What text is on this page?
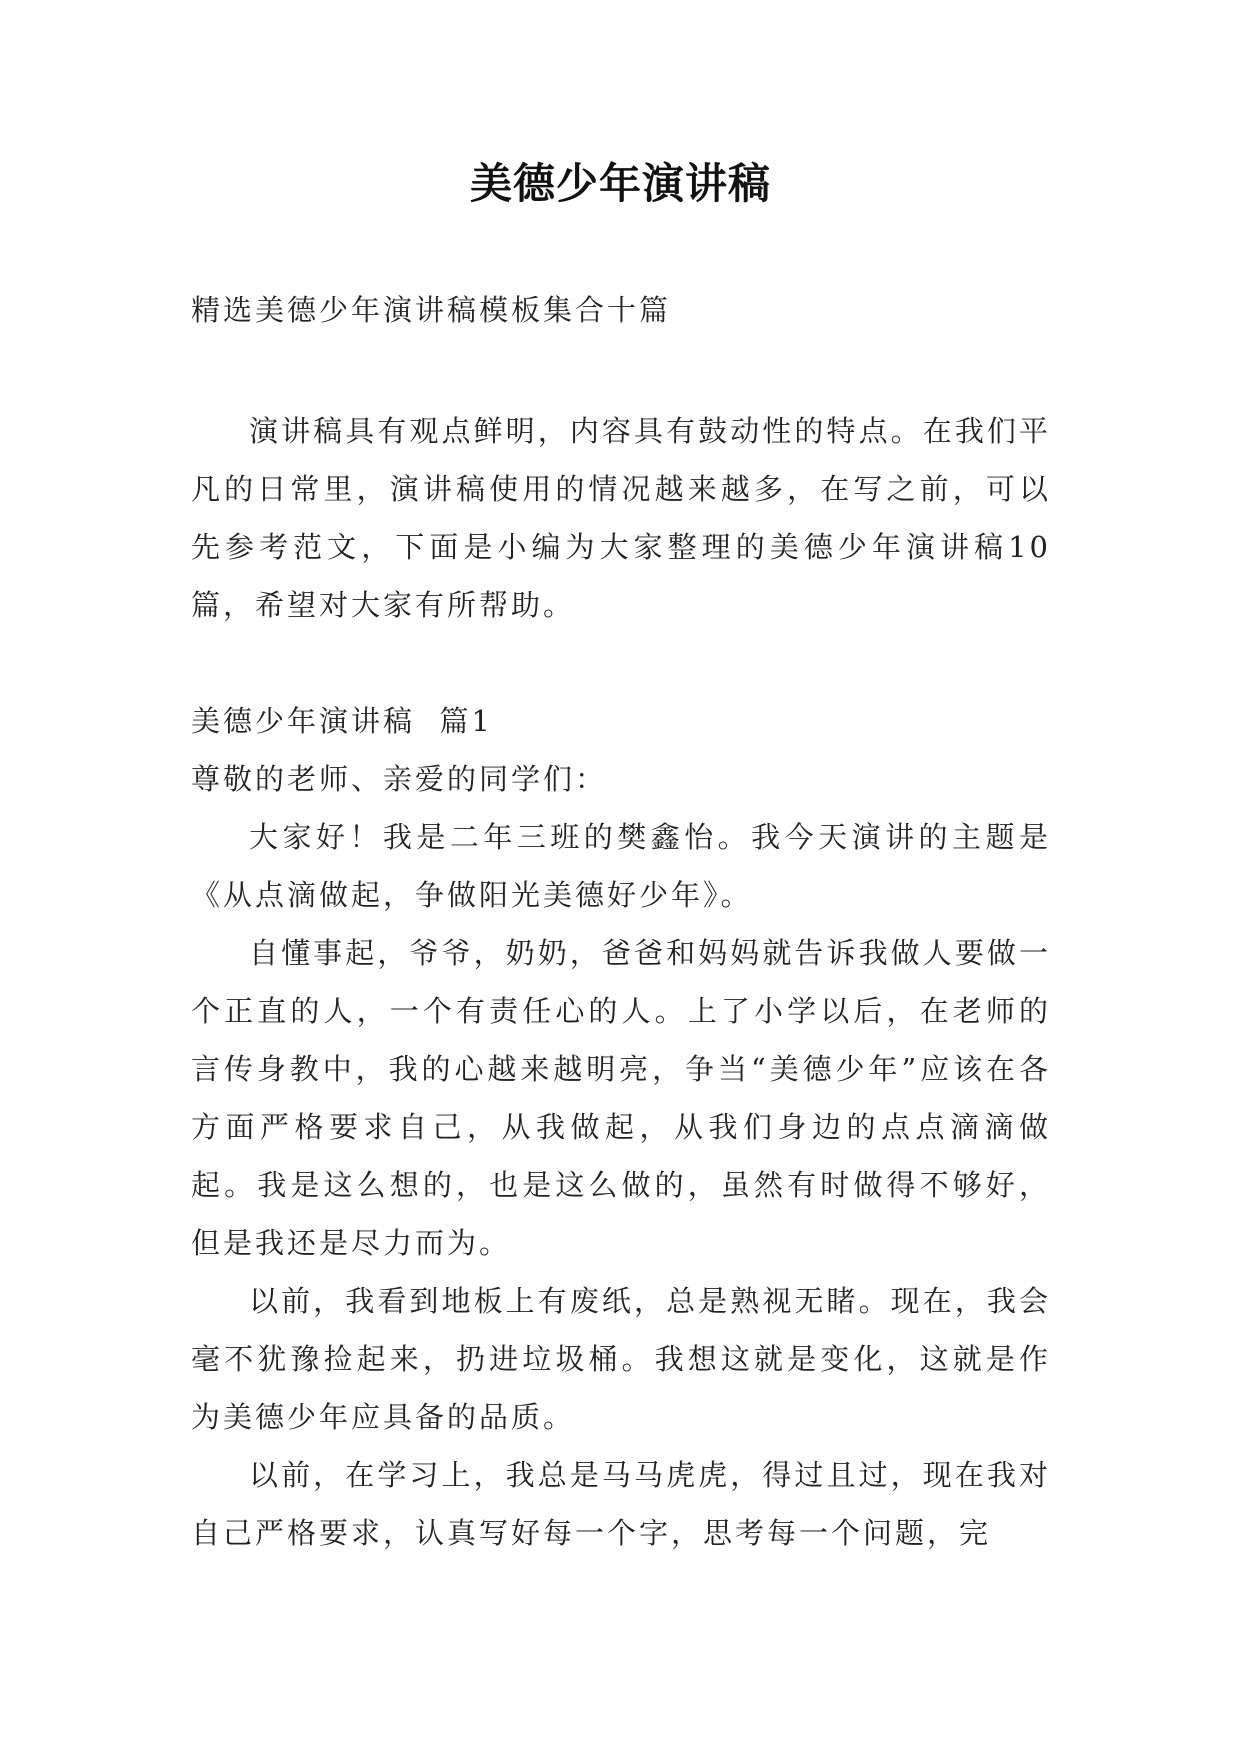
美德少年演讲稿
精选美德少年演讲稿模板集合十篇

演讲稿具有观点鲜明，内容具有鼓动性的特点。在我们平凡的日常里，演讲稿使用的情况越来越多，在写之前，可以先参考范文，下面是小编为大家整理的美德少年演讲稿10篇，希望对大家有所帮助。

美德少年演讲稿  篇1

尊敬的老师、亲爱的同学们：

大家好！我是二年三班的樊鑫怡。我今天演讲的主题是《从点滴做起，争做阳光美德好少年》。

自懂事起，爷爷，奶奶，爸爸和妈妈就告诉我做人要做一个正直的人，一个有责任心的人。上了小学以后，在老师的言传身教中，我的心越来越明亮，争当“美德少年”应该在各方面严格要求自己，从我做起，从我们身边的点点滴滴做起。我是这么想的，也是这么做的，虽然有时做得不够好，但是我还是尽力而为。

以前，我看到地板上有废纸，总是熟视无睹。现在，我会毫不犹豫捡起来，扔进垃圾桶。我想这就是变化，这就是作为美德少年应具备的品质。

以前，在学习上，我总是马马虎虎，得过且过，现在我对自己严格要求，认真写好每一个字，思考每一个问题，完
